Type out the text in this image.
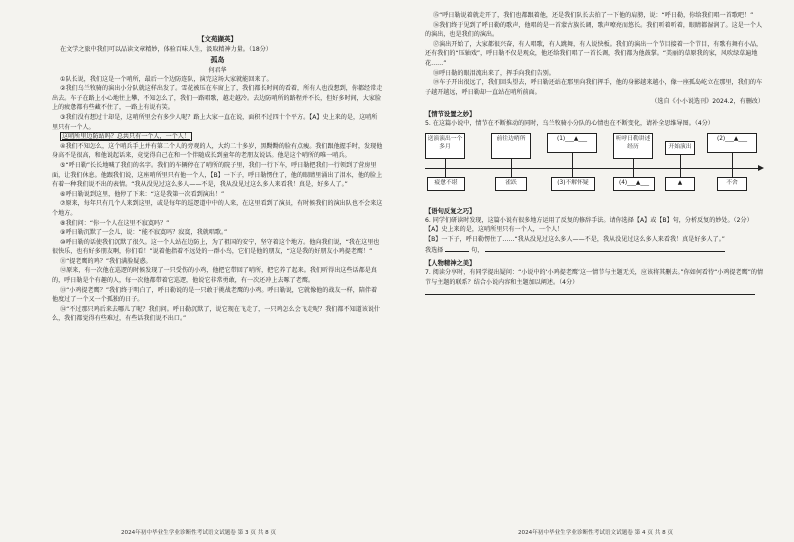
【文苑撷英】

在文学之旅中我们可以品读文章精妙，体验百味人生，汲取精神力量。（18分）

孤岛

何君华

①队长说，我们这是一个哨所，最后一个边防连队，演完这场大家就能回来了。

②我们乌兰牧骑的演出小分队就这样出发了。雪花被压在车窗上了，我们都长时间的看着，所有人也没想到，你都经常走出去。车子在路上小心地往上攀，不知怎么了，我们一路唱歌，越走越冷。去边防哨所的路程并不长，但好多时间，大家脸上的疲惫都有些藏不住了，一路上有说有笑。

③我们没有想过十却是，这哨所里会有多少人呢？路上大家一直在说，面积不过四十个平方。【A】史上来的是，这哨所里只有一个人。

这哨所里边防站吗？总共只有一个人，一个人！

④我们不知怎么，这个哨兵手上并有第二个人的旁观的人，大约二十多岁，黑黝黝的脸有点瘦。我们跟他握手时，发现他身高不是很高，和他说起话来，竟觉得自己在和一个伴随成长到童年的老朋友说话。他是这个哨所的唯一哨兵。

⑤“呼日勒”长长地喊了我们的名字。我们的车辆停在了哨所的院子里，我们一行下车，呼日勒把我们一行领到了营房里面，让我们休息。他跟我们说，这座哨所里只有他一个人，【B】一下子，呼日勒愣住了，他的眼睛里涌出了泪水，他的脸上有着一种我们说不出的表情。“我从没见过这么多人——不是，我从没见过这么多人来看我！真是，好多人了。”

⑥呼日勒说到这里，他停了下来：“这是我第一次看到演出！”

⑦原来，每年只有几个人来到这里，或是每年的巡逻道中中的人来，在这里看到了演员，有时候我们的演出队也不会来这个地方。

⑧我们问：“你一个人在这里不寂寞吗？”

⑨呼日勒沉默了一会儿，说：“能不寂寞吗？寂寞，我就唱歌。”

⑩呼日勒的话使我们沉默了很久。这一个人站在边防上，为了祖国的安宁，坚守着这个地方。他向我们说，“我在这里也很快乐，也有好多朋友啊，你们看！”说着他指着不远处的一群小鸟，它们是他的朋友，“这是我的好朋友小鸡提老鹰！”

⑪“提老鹰的鸡？”我们满脸疑惑。

⑫原来，有一次他在巡逻的时候发现了一只受伤的小鸡，他把它带回了哨所，把它养了起来。我们听得出这些话都是真的，呼日勒是个有趣的人，每一次他都带着它巡逻，他说它非常勇敢，有一次还冲上去啄了老鹰。

⑬“小鸡提老鹰？”我们终于明白了，呼日勒说的是一只敢于挑战老鹰的小鸡。呼日勒说，它就像他的战友一样，陪伴着他度过了一个又一个孤独的日子。

⑭“不过那只鸡后来去哪儿了呢？我们问。呼日勒沉默了，说它现在飞走了，一只鸡怎么会飞走呢？我们都不知道该说什么，我们都觉得有些难过，有些话我们说不出口。”

2024年初中毕业生学业诊断性考试语文试题卷 第 3 页 共 8 页

⑮“呼日勒说着就走开了，我们也都跟着他，还是我们队长去拍了一下他的肩膀，说：“呼日勒，你给我们唱一首歌吧！”

⑯我们终于见到了呼日勒的歌声，他唱的是一首蒙古族长调，歌声嘹亮而悠长。我们听着听着，眼睛都湿润了。这是一个人的演出，也是我们的演出。

⑰演出开始了，大家都很兴奋，有人唱歌，有人跳舞，有人说快板。我们的演出一个节目接着一个节目，有歌有舞有小品，还有我们的“压轴戏”，呼日勒不仅是观众，他还给我们唱了一首长调，我们都为他鼓掌。“美丽的草原我的家，风吹绿草遍地花……”

⑱呼日勒的眼泪流出来了，挥手向我们告别。

⑲车子开出很远了，我们回头望去，呼日勒还站在那里向我们挥手，他的身影越来越小，像一座孤岛屹立在那里，我们的车子越开越远，呼日勒却一直站在哨所前面。

（选自《小小说选刊》2024.2，有删改）

【情节设置之妙】

5. 在这篇小说中，情节在不断推动的同时，乌兰牧骑小分队的心情也在不断变化，请补全思维导图。（4分）

送演演出一个多月
前往边哨所	(1)___▲___	听呼日勒讲述经历	开始演出
(2)___▲___
疲惫不堪	雀跃	(3)不解怀疑	(4)___▲___	▲	不舍

【语句反复之巧】

6. 同学们研读时发现，这篇小说有很多地方运用了反复的修辞手法。请你选择【A】或【B】句，分析反复的妙处。（2分）

【A】史上来的是，这哨所里只有一个人，一个人！

【B】一下子，呼日勒愣住了……“我从没见过这么多人——不是，我从没见过这么多人来看我！真是好多人了。”

我选择	句，

【人物精神之美】

7. 阅读分享时，有同学提出疑问：“小说中的‘小鸡提老鹰’这一情节与主题无关，应该将其删去。”你如何看待“小鸡提老鹰”的情节与主题的联系？结合小说内容和主题加以阐述。（4分）

2024年初中毕业生学业诊断性考试语文试题卷 第 4 页 共 8 页
